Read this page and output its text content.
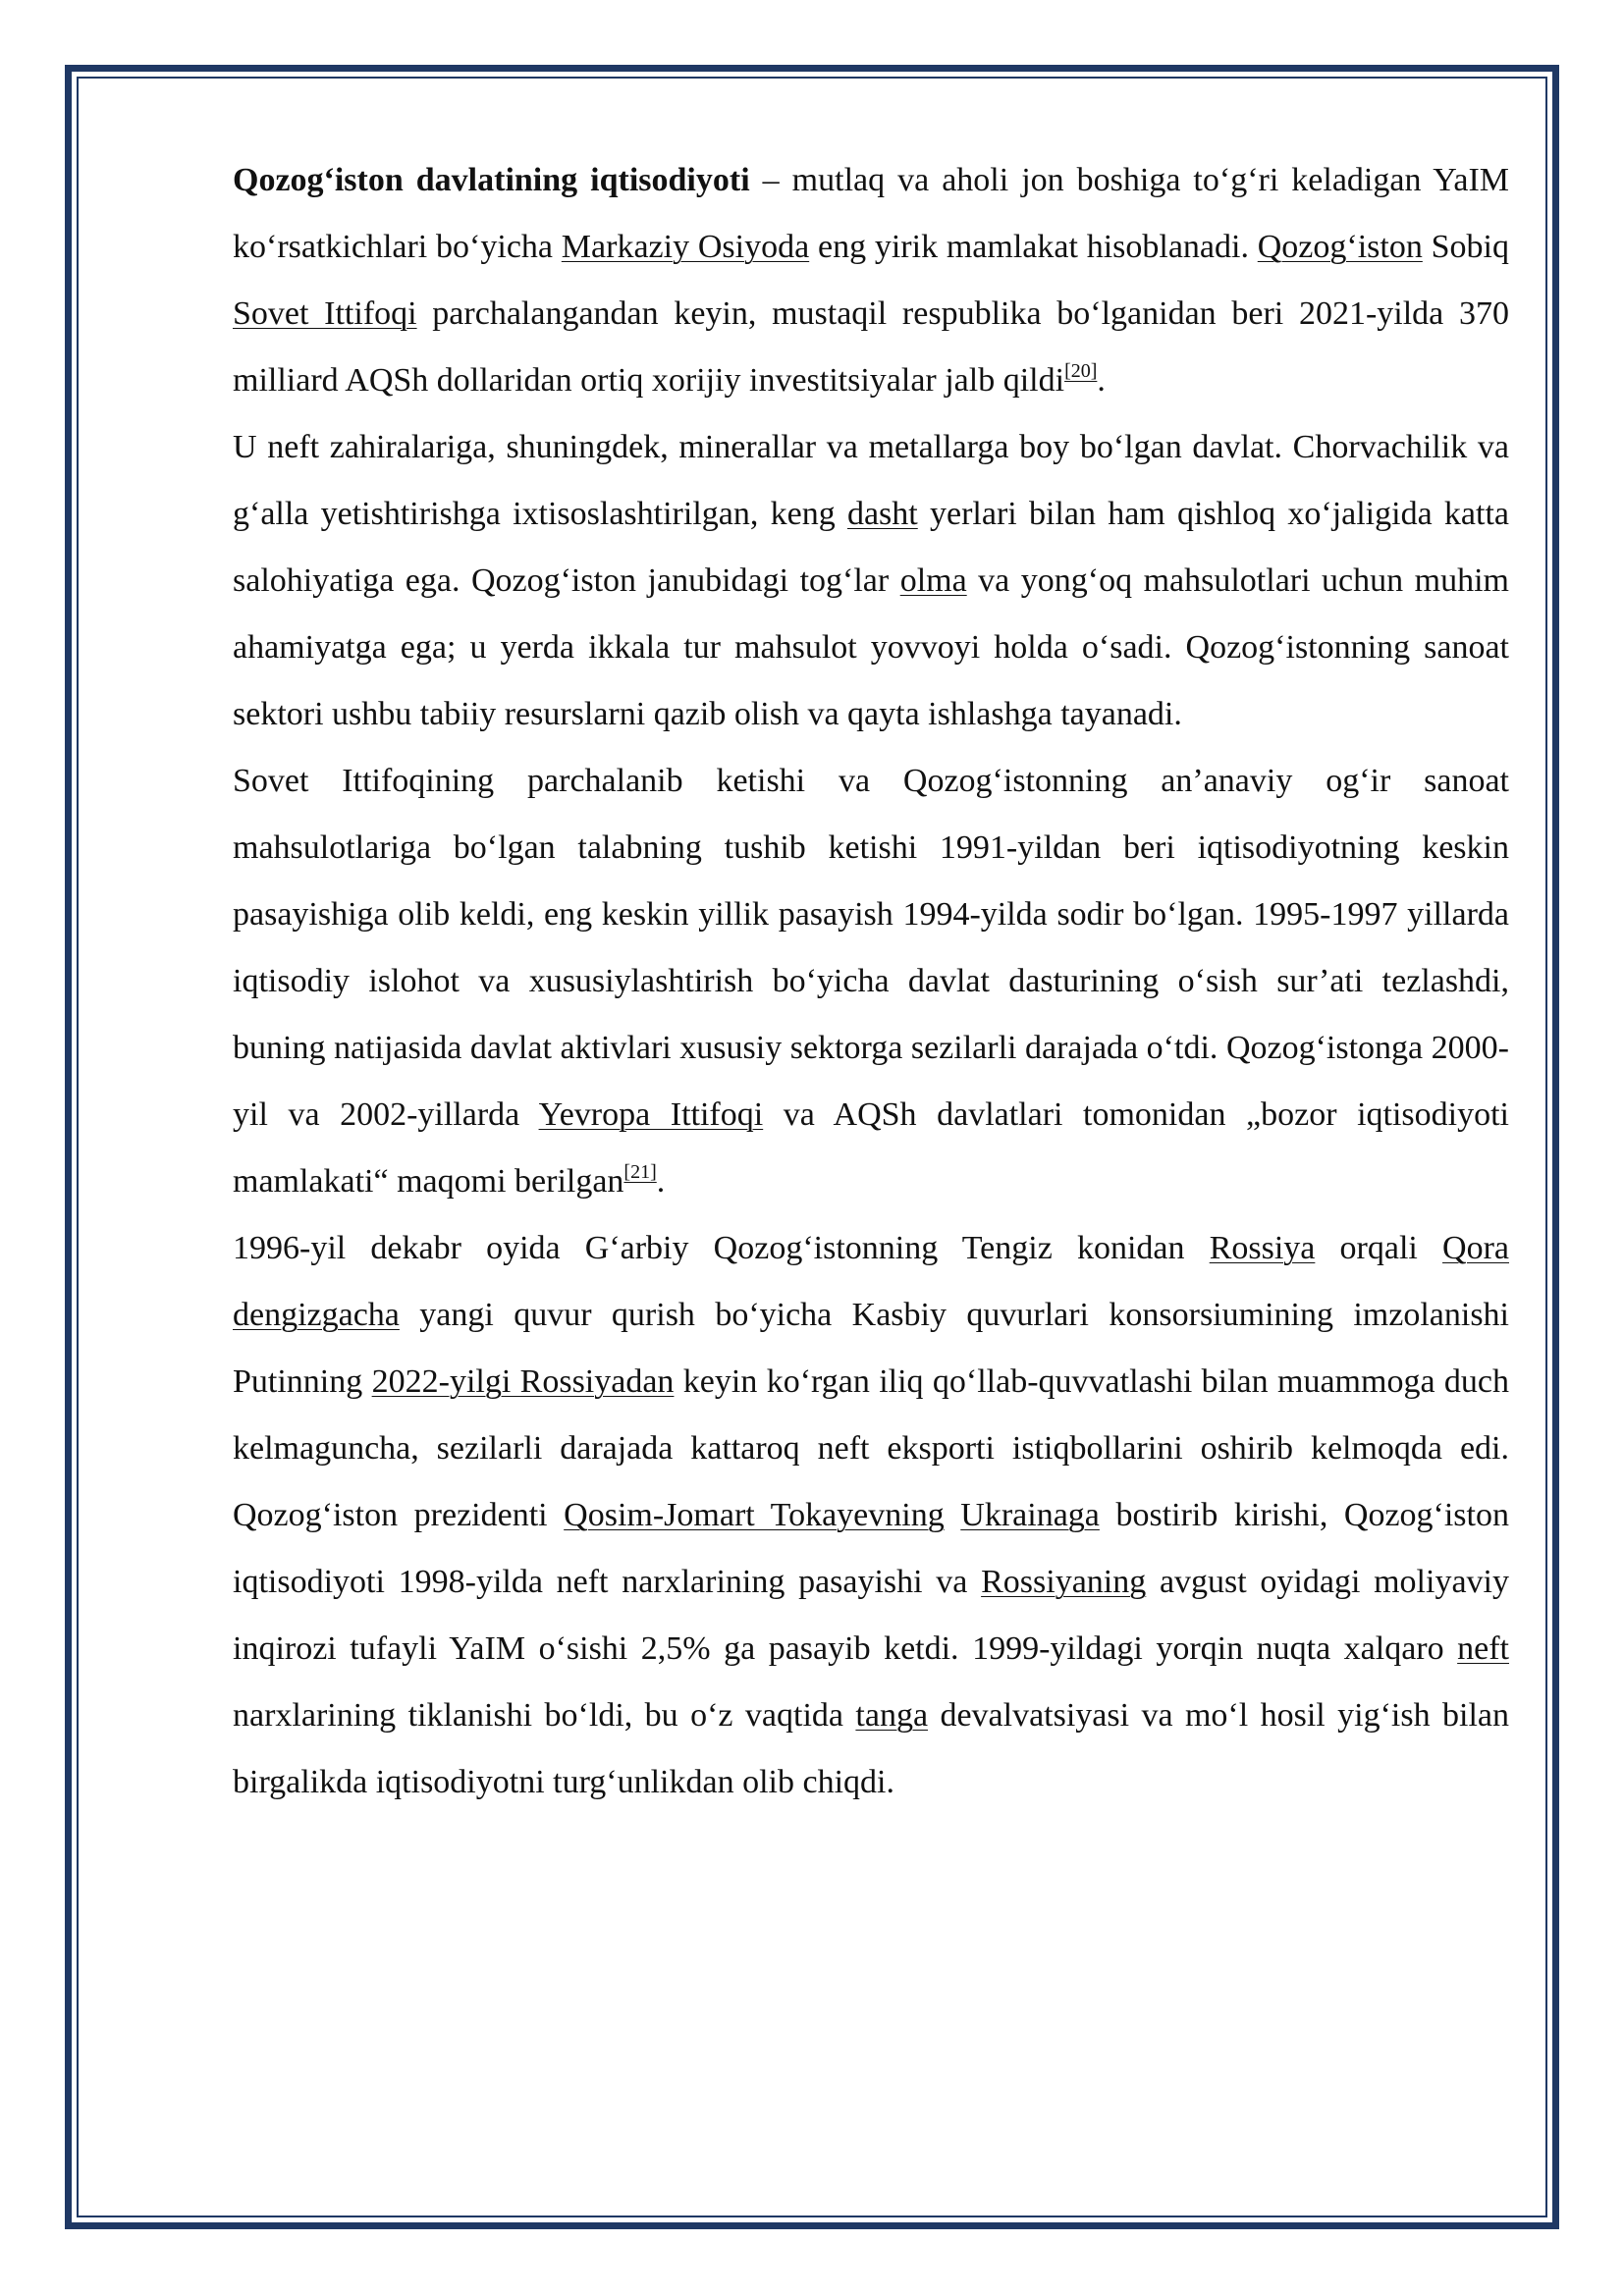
Qozog‘iston davlatining iqtisodiyoti – mutlaq va aholi jon boshiga to‘g‘ri keladigan YaIM ko‘rsatkichlari bo‘yicha Markaziy Osiyoda eng yirik mamlakat hisoblanadi. Qozog‘iston Sobiq Sovet Ittifoqi parchalangandan keyin, mustaqil respublika bo‘lganidan beri 2021-yilda 370 milliard AQSh dollaridan ortiq xorijiy investitsiyalar jalb qildi[20].

U neft zahiralariga, shuningdek, minerallar va metallarga boy bo‘lgan davlat. Chorvachilik va g‘alla yetishtirishga ixtisoslashtirilgan, keng dasht yerlari bilan ham qishloq xo‘jaligida katta salohiyatiga ega. Qozog‘iston janubidagi tog‘lar olma va yong‘oq mahsulotlari uchun muhim ahamiyatga ega; u yerda ikkala tur mahsulot yovvoyi holda o‘sadi. Qozog‘istonning sanoat sektori ushbu tabiiy resurslarni qazib olish va qayta ishlashga tayanadi.

Sovet Ittifoqining parchalanib ketishi va Qozog‘istonning an’anaviy og‘ir sanoat mahsulotlariga bo‘lgan talabning tushib ketishi 1991-yildan beri iqtisodiyotning keskin pasayishiga olib keldi, eng keskin yillik pasayish 1994-yilda sodir bo‘lgan. 1995-1997 yillarda iqtisodiy islohot va xususiylashtirish bo‘yicha davlat dasturining o‘sish sur’ati tezlashdi, buning natijasida davlat aktivlari xususiy sektorga sezilarli darajada o‘tdi. Qozog‘istonga 2000-yil va 2002-yillarda Yevropa Ittifoqi va AQSh davlatlari tomonidan „bozor iqtisodiyoti mamlakati“ maqomi berilgan[21].

1996-yil dekabr oyida G‘arbiy Qozog‘istonning Tengiz konidan Rossiya orqali Qora dengizgacha yangi quvur qurish bo‘yicha Kasbiy quvurlari konsorsiumining imzolanishi Putinning 2022-yilgi Rossiyadan keyin ko‘rgan iliq qo‘llab-quvvatlashi bilan muammoga duch kelmaguncha, sezilarli darajada kattaroq neft eksporti istiqbollarini oshirib kelmoqda edi. Qozog‘iston prezidenti Qosim-Jomart Tokayevning Ukrainaga bostirib kirishi, Qozog‘iston iqtisodiyoti 1998-yilda neft narxlarining pasayishi va Rossiyaning avgust oyidagi moliyaviy inqirozi tufayli YaIM o‘sishi 2,5% ga pasayib ketdi. 1999-yildagi yorqin nuqta xalqaro neft narxlarining tiklanishi bo‘ldi, bu o‘z vaqtida tanga devalvatsiyasi va mo‘l hosil yig‘ish bilan birgalikda iqtisodiyotni turg‘unlikdan olib chiqdi.
